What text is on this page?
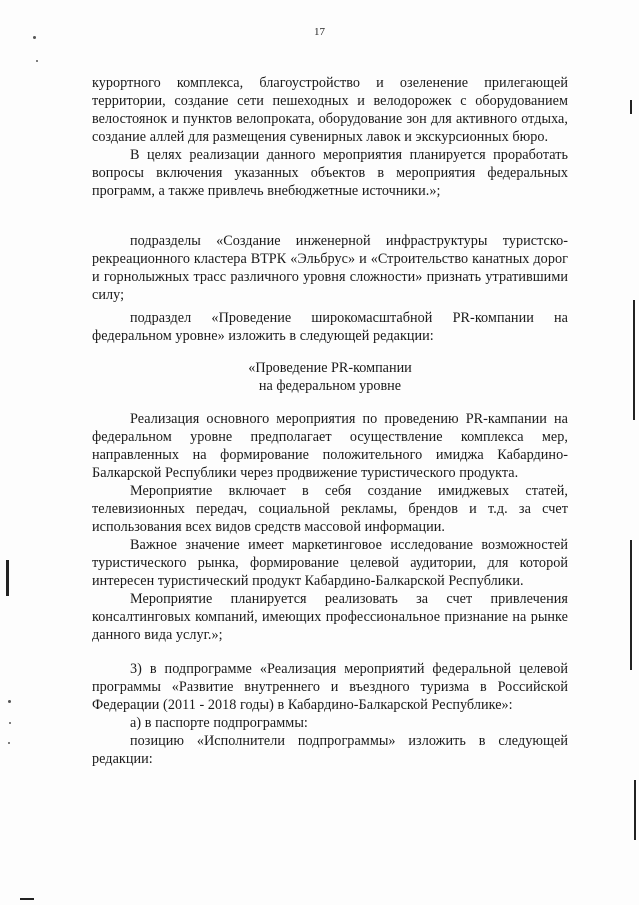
17

курортного комплекса, благоустройство и озеленение прилегающей территории, создание сети пешеходных и велодорожек с оборудованием велостоянок и пунктов велопроката, оборудование зон для активного отдыха, создание аллей для размещения сувенирных лавок и экскурсионных бюро.

В целях реализации данного мероприятия планируется проработать вопросы включения указанных объектов в мероприятия федеральных программ, а также привлечь внебюджетные источники.»;

подразделы «Создание инженерной инфраструктуры туристско-рекреационного кластера ВТРК «Эльбрус» и «Строительство канатных дорог и горнолыжных трасс различного уровня сложности» признать утратившими силу;

подраздел «Проведение широкомасштабной PR-компании на федеральном уровне» изложить в следующей редакции:

«Проведение PR-компании
на федеральном уровне

Реализация основного мероприятия по проведению PR-кампании на федеральном уровне предполагает осуществление комплекса мер, направленных на формирование положительного имиджа Кабардино-Балкарской Республики через продвижение туристического продукта.

Мероприятие включает в себя создание имиджевых статей, телевизионных передач, социальной рекламы, брендов и т.д. за счет использования всех видов средств массовой информации.

Важное значение имеет маркетинговое исследование возможностей туристического рынка, формирование целевой аудитории, для которой интересен туристический продукт Кабардино-Балкарской Республики.

Мероприятие планируется реализовать за счет привлечения консалтинговых компаний, имеющих профессиональное признание на рынке данного вида услуг.»;

3) в подпрограмме «Реализация мероприятий федеральной целевой программы «Развитие внутреннего и въездного туризма в Российской Федерации (2011 - 2018 годы) в Кабардино-Балкарской Республике»:

а) в паспорте подпрограммы:

позицию «Исполнители подпрограммы» изложить в следующей редакции:
